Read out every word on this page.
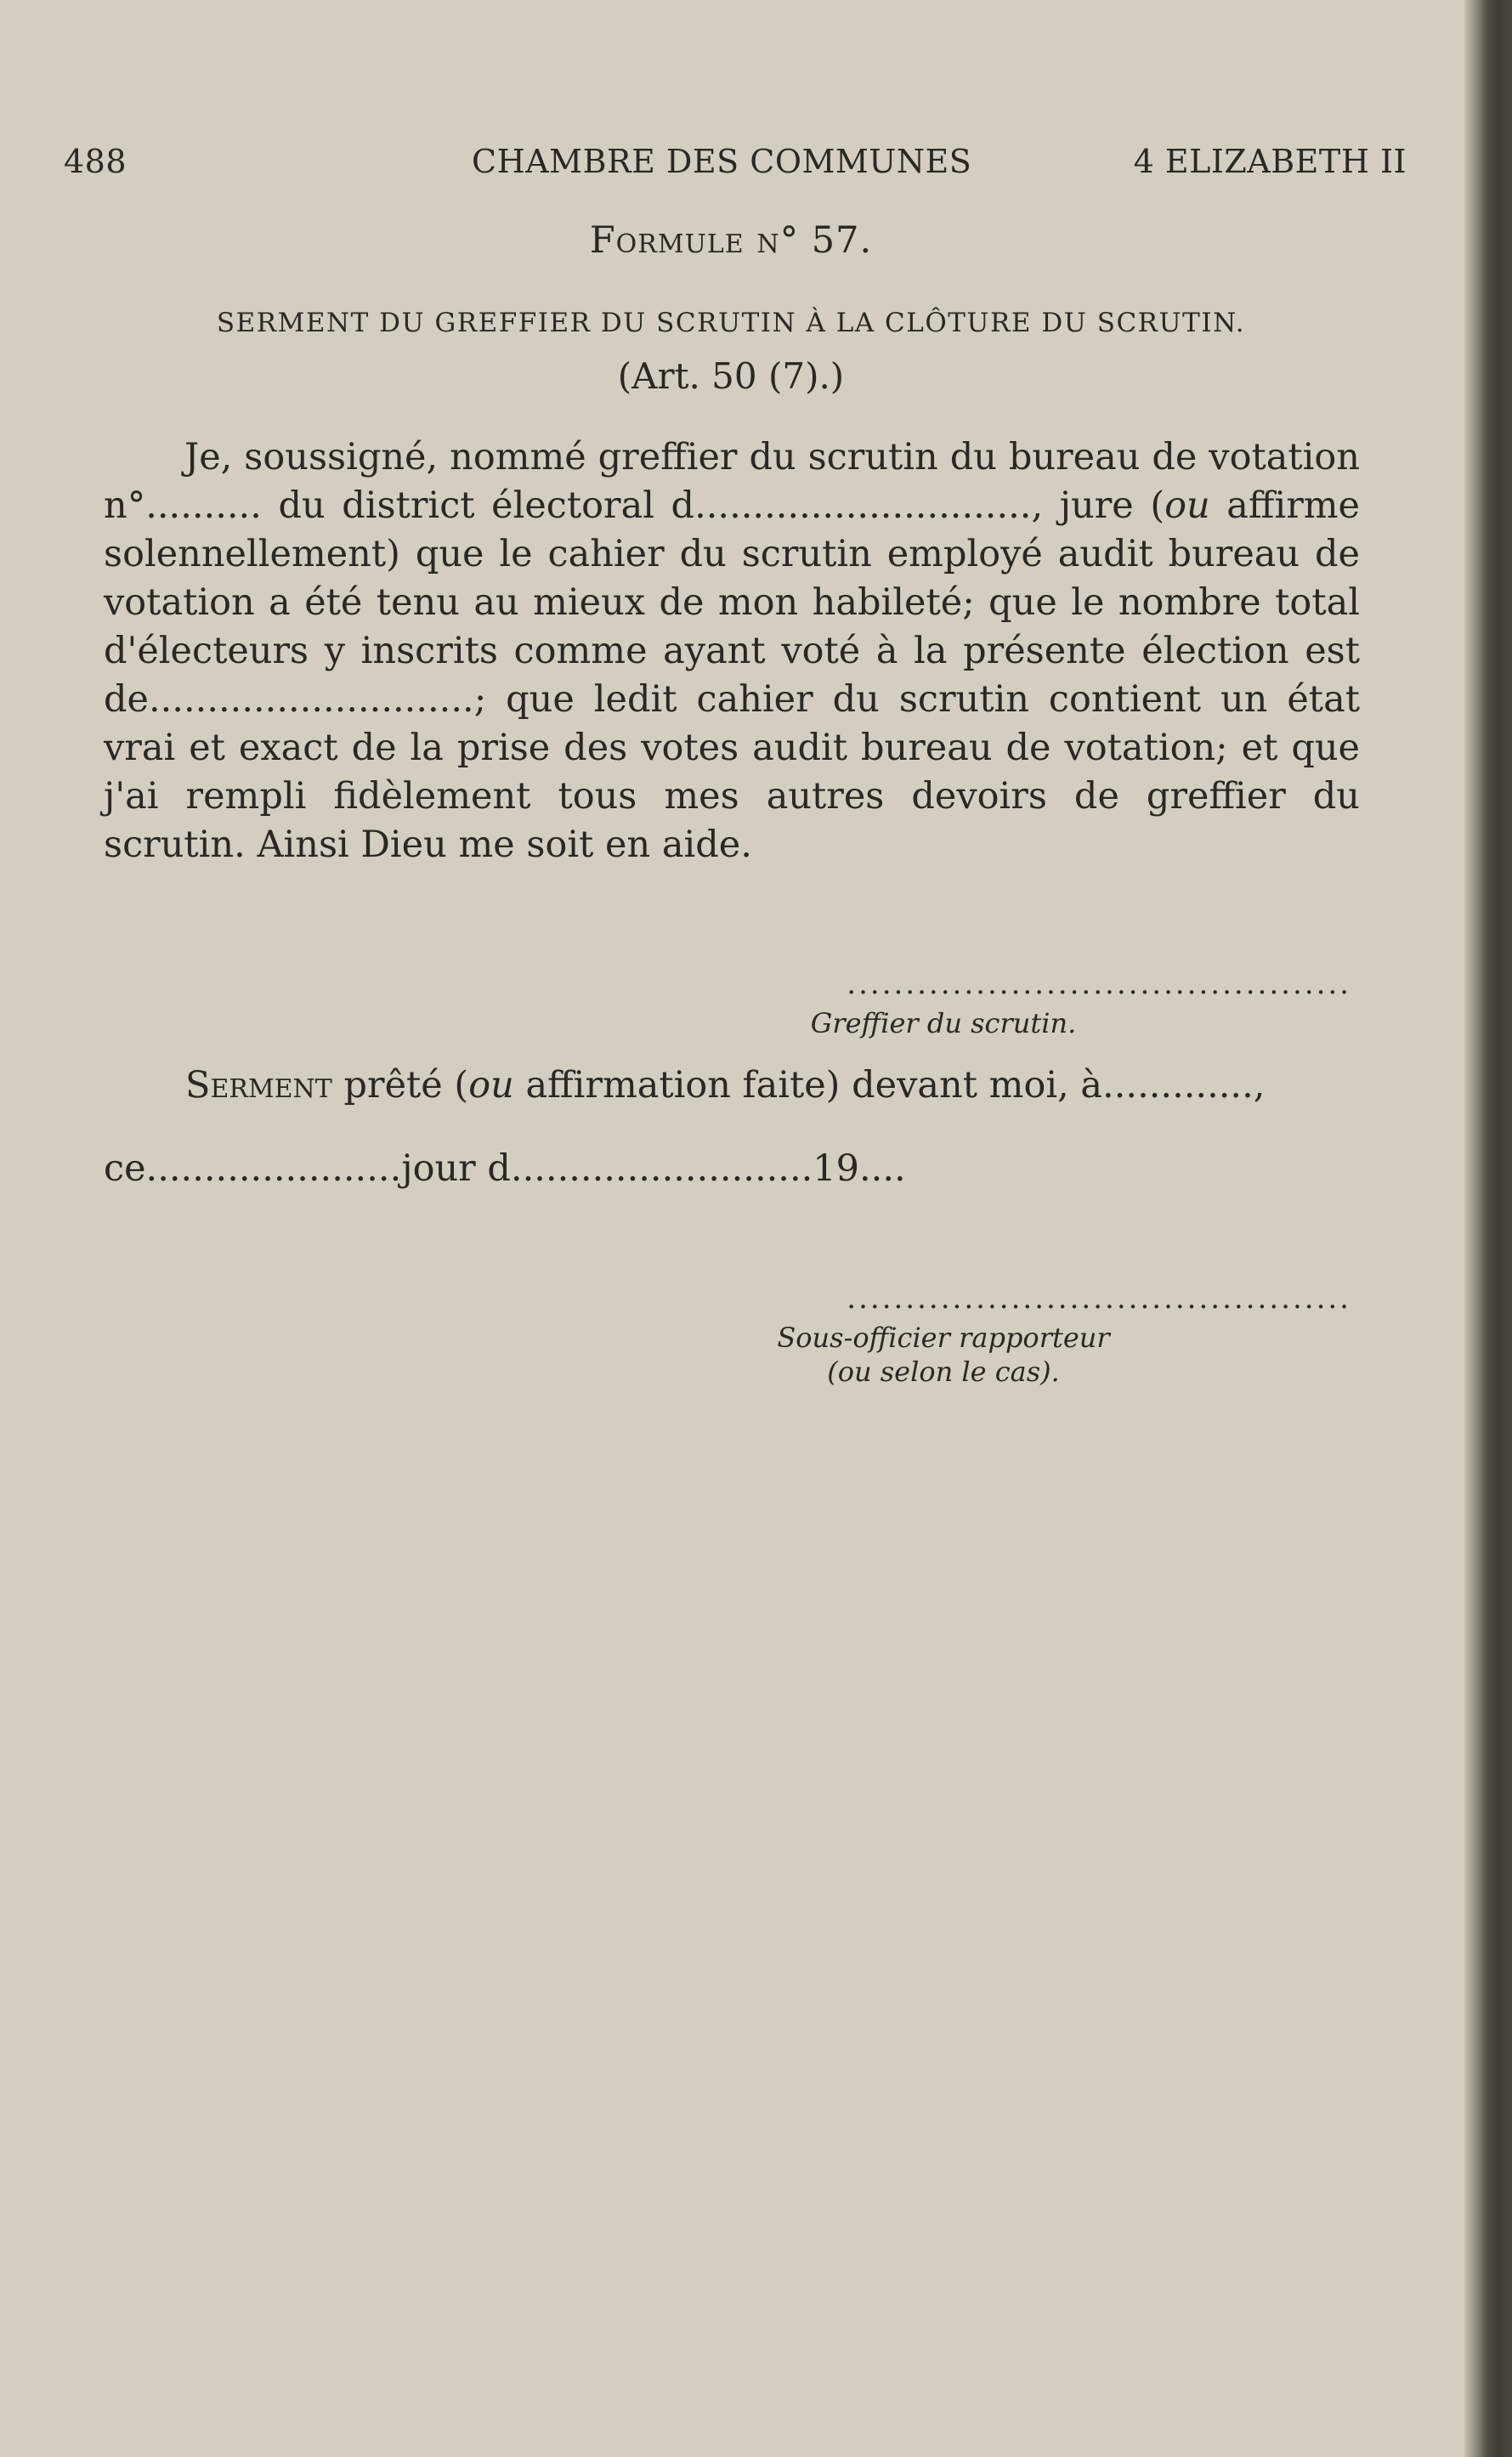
488	CHAMBRE DES COMMUNES	4 ELIZABETH II
Formule n° 57.
SERMENT DU GREFFIER DU SCRUTIN À LA CLÔTURE DU SCRUTIN.
(Art. 50 (7).)

Je, soussigné, nommé greffier du scrutin du bureau de votation n°.......... du district électoral d............................., jure (ou affirme solennellement) que le cahier du scrutin employé audit bureau de votation a été tenu au mieux de mon habileté; que le nombre total d'électeurs y inscrits comme ayant voté à la présente élection est de............................; que ledit cahier du scrutin contient un état vrai et exact de la prise des votes audit bureau de votation; et que j'ai rempli fidèlement tous mes autres devoirs de greffier du scrutin. Ainsi Dieu me soit en aide.

...........................................
Greffier du scrutin.
Serment prêté (ou affirmation faite) devant moi, à.............,
ce......................jour d..........................19....
...........................................
Sous-officier rapporteur
(ou selon le cas).
